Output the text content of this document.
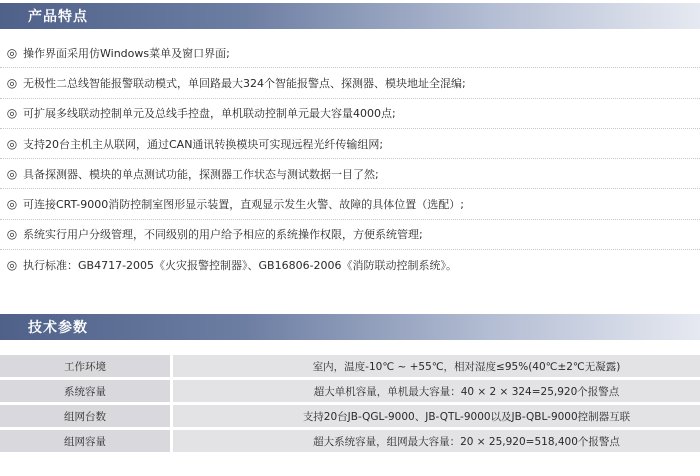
产品特点
◎ 操作界面采用仿Windows菜单及窗口界面;
◎ 无极性二总线智能报警联动模式，单回路最大324个智能报警点、探测器、模块地址全混编;
◎ 可扩展多线联动控制单元及总线手控盘，单机联动控制单元最大容量4000点;
◎ 支持20台主机主从联网，通过CAN通讯转换模块可实现远程光纤传输组网;
◎ 具备探测器、模块的单点测试功能，探测器工作状态与测试数据一目了然;
◎ 可连接CRT-9000消防控制室图形显示装置，直观显示发生火警、故障的具体位置（选配）;
◎ 系统实行用户分级管理，不同级别的用户给予相应的系统操作权限，方便系统管理;
◎ 执行标准：GB4717-2005《火灾报警控制器》、GB16806-2006《消防联动控制系统》。
技术参数
工作环境	室内，温度-10℃ ~ +55℃，相对湿度≤95%(40℃±2℃无凝露)
系统容量	超大单机容量，单机最大容量：40 × 2 × 324=25,920个报警点
组网台数	支持20台JB-QGL-9000、JB-QTL-9000以及JB-QBL-9000控制器互联
组网容量	超大系统容量，组网最大容量：20 × 25,920=518,400个报警点
